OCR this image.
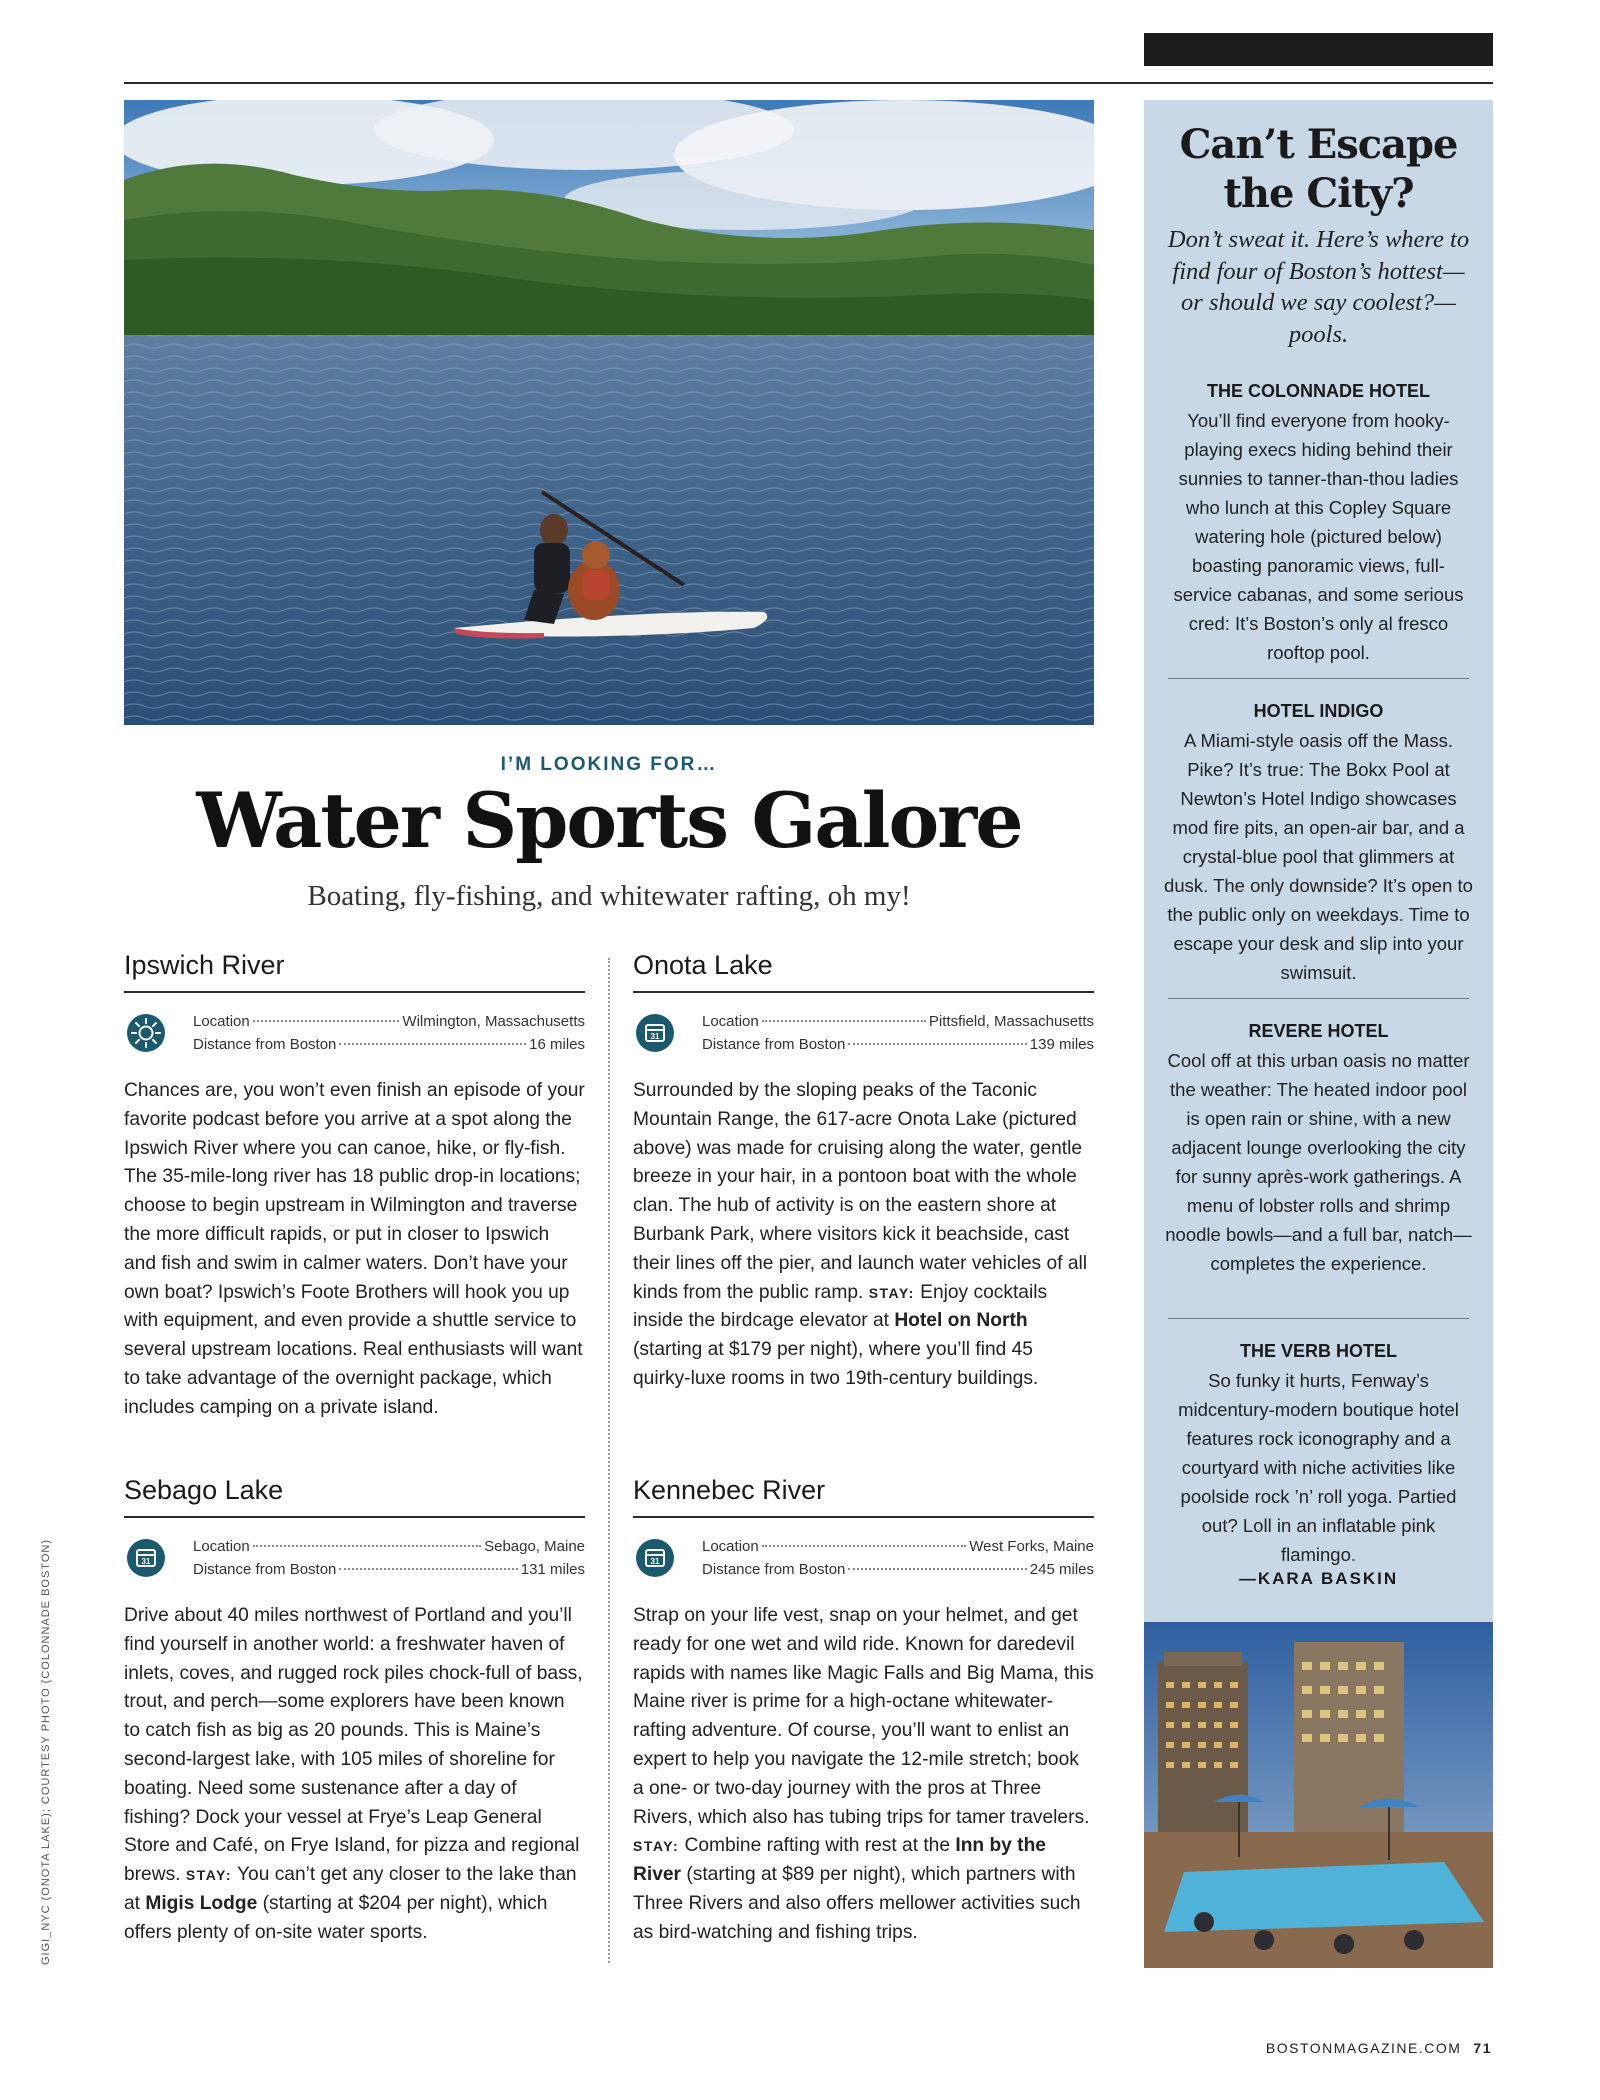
I’M LOOKING FOR…
Water Sports Galore
Boating, fly-fishing, and whitewater rafting, oh my!
Ipswich River
Location	Wilmington, Massachusetts
Distance from Boston	16 miles

Chances are, you won’t even finish an episode of your favorite podcast before you arrive at a spot along the Ipswich River where you can canoe, hike, or fly-fish. The 35-mile-long river has 18 public drop-in locations; choose to begin upstream in Wilmington and traverse the more difficult rapids, or put in closer to Ipswich and fish and swim in calmer waters. Don’t have your own boat? Ipswich’s Foote Brothers will hook you up with equipment, and even provide a shuttle service to several upstream locations. Real enthusiasts will want to take advantage of the overnight package, which includes camping on a private island.

Sebago Lake
31
Location	Sebago, Maine
Distance from Boston	131 miles

Drive about 40 miles northwest of Portland and you’ll find yourself in another world: a freshwater haven of inlets, coves, and rugged rock piles chock-full of bass, trout, and perch—some explorers have been known to catch fish as big as 20 pounds. This is Maine’s second-largest lake, with 105 miles of shoreline for boating. Need some sustenance after a day of fishing? Dock your vessel at Frye’s Leap General Store and Café, on Frye Island, for pizza and regional brews. STAY: You can’t get any closer to the lake than at Migis Lodge (starting at $204 per night), which offers plenty of on-site water sports.

Onota Lake
31
Location	Pittsfield, Massachusetts
Distance from Boston	139 miles

Surrounded by the sloping peaks of the Taconic Mountain Range, the 617-acre Onota Lake (pictured above) was made for cruising along the water, gentle breeze in your hair, in a pontoon boat with the whole clan. The hub of activity is on the eastern shore at Burbank Park, where visitors kick it beachside, cast their lines off the pier, and launch water vehicles of all kinds from the public ramp. STAY: Enjoy cocktails inside the birdcage elevator at Hotel on North (starting at $179 per night), where you’ll find 45 quirky-luxe rooms in two 19th-century buildings.

Kennebec River
31
Location	West Forks, Maine
Distance from Boston	245 miles

Strap on your life vest, snap on your helmet, and get ready for one wet and wild ride. Known for daredevil rapids with names like Magic Falls and Big Mama, this Maine river is prime for a high-octane whitewater-rafting adventure. Of course, you’ll want to enlist an expert to help you navigate the 12-mile stretch; book a one- or two-day journey with the pros at Three Rivers, which also has tubing trips for tamer travelers. STAY: Combine rafting with rest at the Inn by the River (starting at $89 per night), which partners with Three Rivers and also offers mellower activities such as bird-watching and fishing trips.

Can’t Escape the City?
Don’t sweat it. Here’s where to find four of Boston’s hottest—or should we say coolest?—pools.
THE COLONNADE HOTEL
You’ll find everyone from hooky-playing execs hiding behind their sunnies to tanner-than-thou ladies who lunch at this Copley Square watering hole (pictured below) boasting panoramic views, full-service cabanas, and some serious cred: It’s Boston’s only al fresco rooftop pool.
HOTEL INDIGO
A Miami-style oasis off the Mass. Pike? It’s true: The Bokx Pool at Newton’s Hotel Indigo showcases mod fire pits, an open-air bar, and a crystal-blue pool that glimmers at dusk. The only downside? It’s open to the public only on weekdays. Time to escape your desk and slip into your swimsuit.
REVERE HOTEL
Cool off at this urban oasis no matter the weather: The heated indoor pool is open rain or shine, with a new adjacent lounge overlooking the city for sunny après-work gatherings. A menu of lobster rolls and shrimp noodle bowls—and a full bar, natch—completes the experience.
THE VERB HOTEL
So funky it hurts, Fenway’s midcentury-modern boutique hotel features rock iconography and a courtyard with niche activities like poolside rock ’n’ roll yoga. Partied out? Loll in an inflatable pink flamingo.
—KARA BASKIN
GIGI_NYC (ONOTA LAKE); COURTESY PHOTO (COLONNADE BOSTON)
BOSTONMAGAZINE.COM 71
